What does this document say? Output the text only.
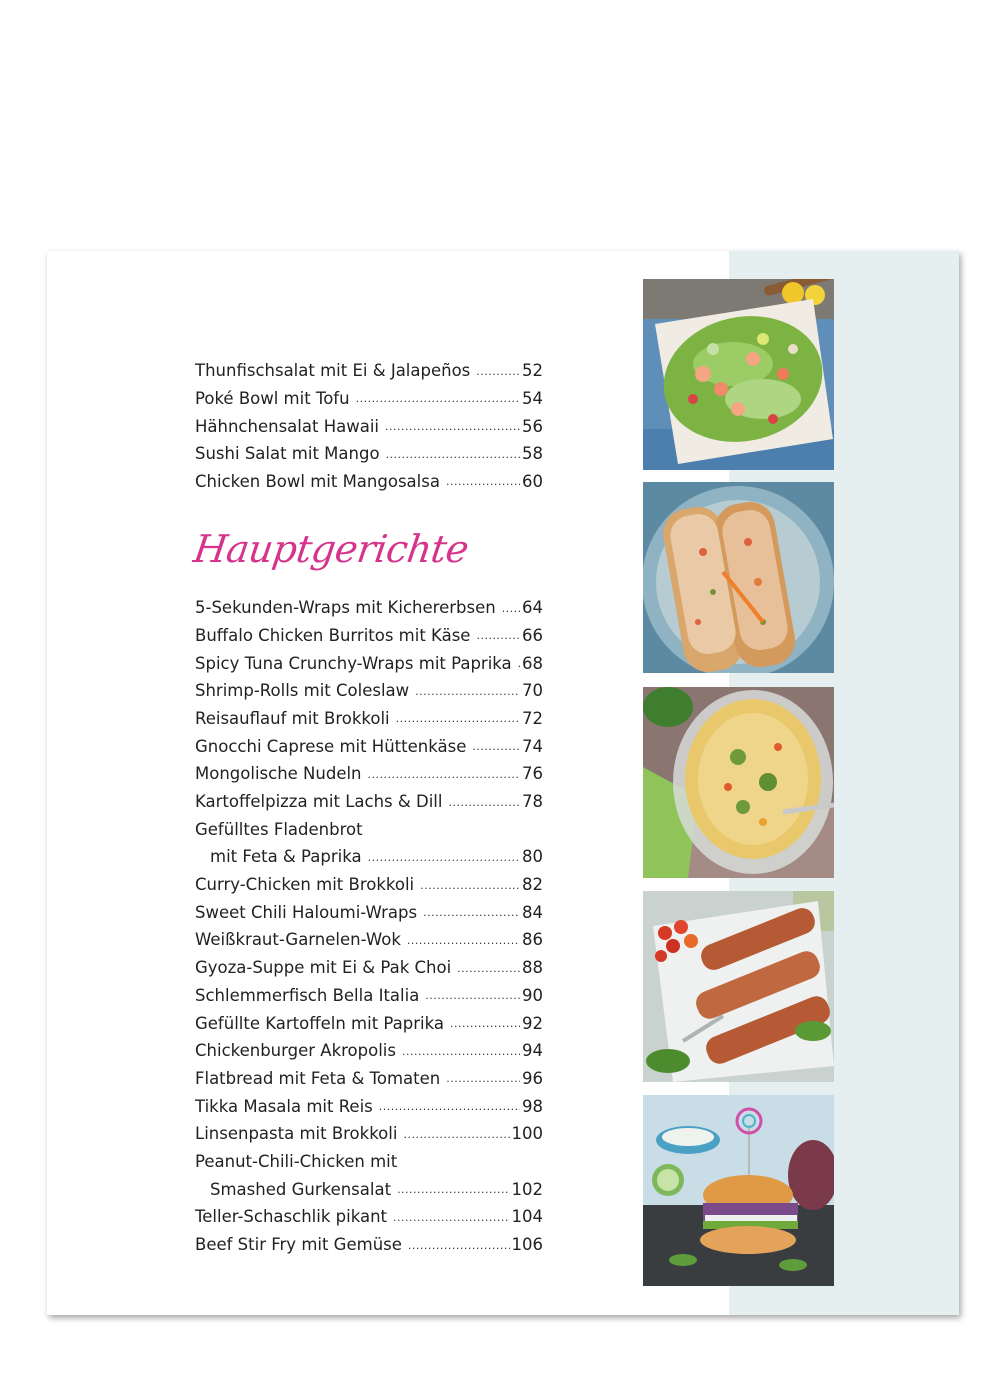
Thunfischsalat mit Ei & Jalapeños .....	52
Poké Bowl mit Tofu .....	54
Hähnchensalat Hawaii .....	56
Sushi Salat mit Mango .....	58
Chicken Bowl mit Mangosalsa .....	60
Hauptgerichte
5-Sekunden-Wraps mit Kichererbsen ..... 64
Buffalo Chicken Burritos mit Käse .....	66
Spicy Tuna Crunchy-Wraps mit Paprika ..... 68
Shrimp-Rolls mit Coleslaw .....	70
Reisauflauf mit Brokkoli .....	72
Gnocchi Caprese mit Hüttenkäse .....	74
Mongolische Nudeln .....	76
Kartoffelpizza mit Lachs & Dill .....	78
Gefülltes Fladenbrot
mit Feta & Paprika .....	80
Curry-Chicken mit Brokkoli .....	82
Sweet Chili Haloumi-Wraps .....	84
Weißkraut-Garnelen-Wok .....	86
Gyoza-Suppe mit Ei & Pak Choi .....	88
Schlemmerfisch Bella Italia .....	90
Gefüllte Kartoffeln mit Paprika .....	92
Chickenburger Akropolis .....	94
Flatbread mit Feta & Tomaten .....	96
Tikka Masala mit Reis .....	98
Linsenpasta mit Brokkoli .....	100
Peanut-Chili-Chicken mit
Smashed Gurkensalat .....	102
Teller-Schaschlik pikant .....	104
Beef Stir Fry mit Gemüse .....	106
